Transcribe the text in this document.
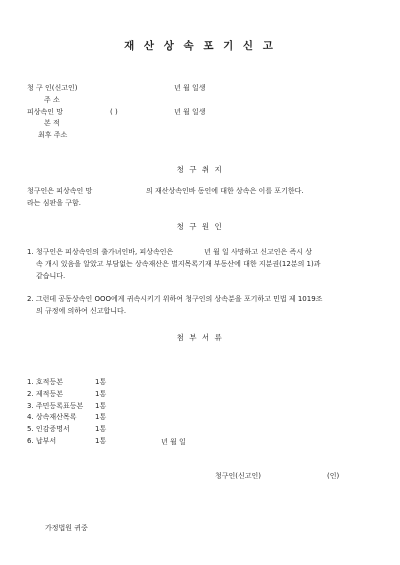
재 산 상 속 포 기 신 고
청 구 인(신고인)	년 월 일생
주 소
피상속인 망	( )	년 월 일생
본 적
최후 주소
청 구 취 지
청구인은 피상속인 망	의 재산상속인바 동인에 대한 상속은 이를 포기한다.
라는 심판을 구함.
청 구 원 인
1. 청구인은 피상속인의 출가녀인바, 피상속인은	년 월 일 사망하고 신고인은 즉시 상
속 개시 있음을 알았고 부담없는 상속재산은 별지목록기재 부동산에 대한 지분권(12분의 1)과
같습니다.
2. 그런데 공동상속인 OOO에게 귀속시키기 위하여 청구인의 상속분을 포기하고 민법 제 1019조
의 규정에 의하여 신고합니다.
첨 부 서 류
1. 호적등본	1통
2. 제적등본	1통
3. 주민등록표등본 1통
4. 상속재산목록	1통
5. 인감증명서	1통
6. 납부서	1통	년 월 일
청구인(신고인)	(인)
가정법원 귀중
